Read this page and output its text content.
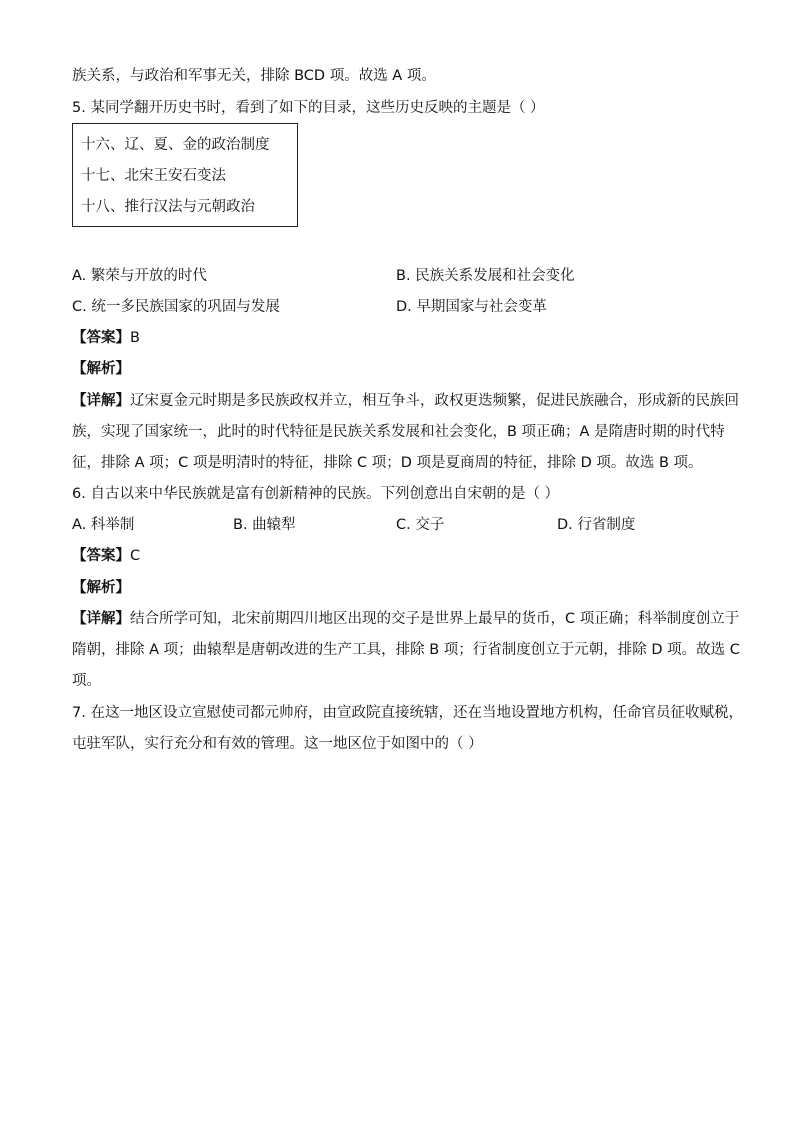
族关系，与政治和军事无关，排除 BCD 项。故选 A 项。
5. 某同学翻开历史书时，看到了如下的目录，这些历史反映的主题是（ ）
十六、辽、夏、金的政治制度
十七、北宋王安石变法
十八、推行汉法与元朝政治
A. 繁荣与开放的时代	B. 民族关系发展和社会变化
C. 统一多民族国家的巩固与发展	D. 早期国家与社会变革
【答案】B
【解析】
【详解】辽宋夏金元时期是多民族政权并立，相互争斗，政权更迭频繁，促进民族融合，形成新的民族回
族，实现了国家统一，此时的时代特征是民族关系发展和社会变化，B 项正确；A 是隋唐时期的时代特
征，排除 A 项；C 项是明清时的特征，排除 C 项；D 项是夏商周的特征，排除 D 项。故选 B 项。
6. 自古以来中华民族就是富有创新精神的民族。下列创意出自宋朝的是（ ）
A. 科举制	B. 曲辕犁	C. 交子	D. 行省制度
【答案】C
【解析】
【详解】结合所学可知，北宋前期四川地区出现的交子是世界上最早的货币，C 项正确；科举制度创立于
隋朝，排除 A 项；曲辕犁是唐朝改进的生产工具，排除 B 项；行省制度创立于元朝，排除 D 项。故选 C
项。
7. 在这一地区设立宣慰使司都元帅府，由宣政院直接统辖，还在当地设置地方机构，任命官员征收赋税，
屯驻军队，实行充分和有效的管理。这一地区位于如图中的（ ）
